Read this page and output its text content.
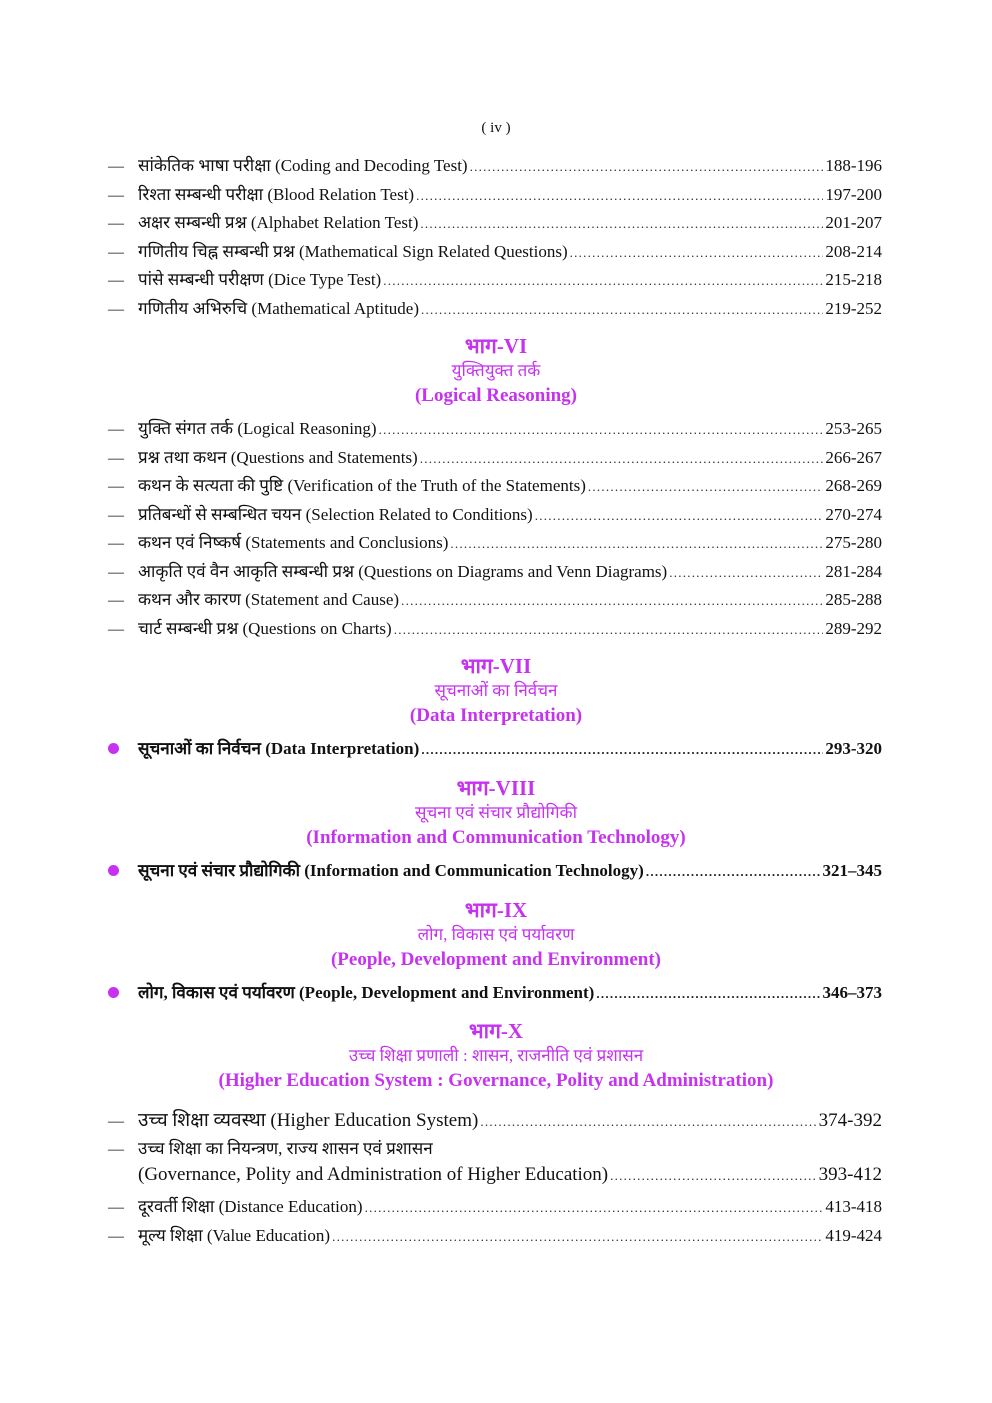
( iv )
— सांकेतिक भाषा परीक्षा (Coding and Decoding Test) . . .	188-196
— रिश्ता सम्बन्धी परीक्षा (Blood Relation Test) . . .	197-200
— अक्षर सम्बन्धी प्रश्न (Alphabet Relation Test) . . .	201-207
— गणितीय चिह्न सम्बन्धी प्रश्न (Mathematical Sign Related Questions) . . .	208-214
— पांसे सम्बन्धी परीक्षण (Dice Type Test) . . .	215-218
— गणितीय अभिरुचि (Mathematical Aptitude) . . .	219-252
भाग-VI
युक्तियुक्त तर्क
(Logical Reasoning)
— युक्ति संगत तर्क (Logical Reasoning) . . .	253-265
— प्रश्न तथा कथन (Questions and Statements) . . .	266-267
— कथन के सत्यता की पुष्टि (Verification of the Truth of the Statements) . . .	268-269
— प्रतिबन्धों से सम्बन्धित चयन (Selection Related to Conditions) . . .	270-274
— कथन एवं निष्कर्ष (Statements and Conclusions) . . .	275-280
— आकृति एवं वैन आकृति सम्बन्धी प्रश्न (Questions on Diagrams and Venn Diagrams) . . .	281-284
— कथन और कारण (Statement and Cause) . . .	285-288
— चार्ट सम्बन्धी प्रश्न (Questions on Charts) . . .	289-292
भाग-VII
सूचनाओं का निर्वचन
(Data Interpretation)
सूचनाओं का निर्वचन (Data Interpretation) . . .	293-320
भाग-VIII
सूचना एवं संचार प्रौद्योगिकी
(Information and Communication Technology)
सूचना एवं संचार प्रौद्योगिकी (Information and Communication Technology) . . .	321–345
भाग-IX
लोग, विकास एवं पर्यावरण
(People, Development and Environment)
लोग, विकास एवं पर्यावरण (People, Development and Environment) . . .	346–373
भाग-X
उच्च शिक्षा प्रणाली : शासन, राजनीति एवं प्रशासन
(Higher Education System : Governance, Polity and Administration)
— उच्च शिक्षा व्यवस्था (Higher Education System) . . .	374-392
— उच्च शिक्षा का नियन्त्रण, राज्य शासन एवं प्रशासन
(Governance, Polity and Administration of Higher Education) . . .	393-412
— दूरवर्ती शिक्षा (Distance Education) . . .	413-418
— मूल्य शिक्षा (Value Education) . . .	419-424
